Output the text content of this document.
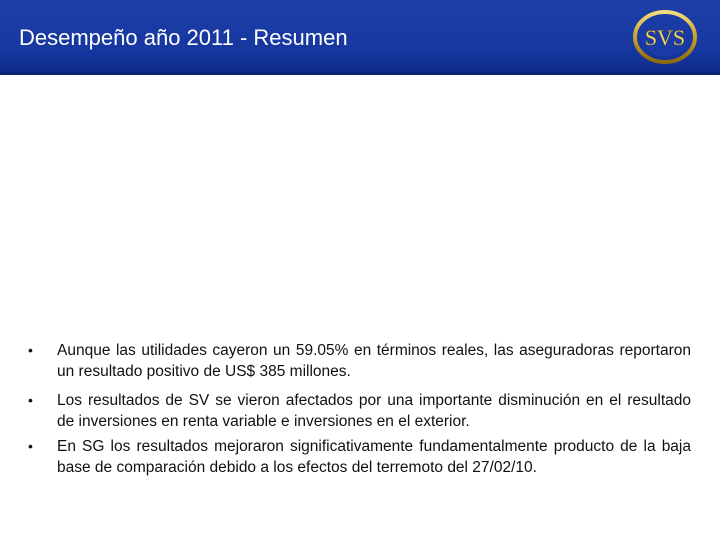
Desempeño año 2011 - Resumen	SVS
• Aunque las utilidades cayeron un 59.05% en términos reales, las aseguradoras reportaron un resultado positivo de US$ 385 millones.
• Los resultados de SV se vieron afectados por una importante disminución en el resultado de inversiones en renta variable e inversiones en el exterior.
• En SG los resultados mejoraron significativamente fundamentalmente producto de la baja base de comparación debido a los efectos del terremoto del 27/02/10.
